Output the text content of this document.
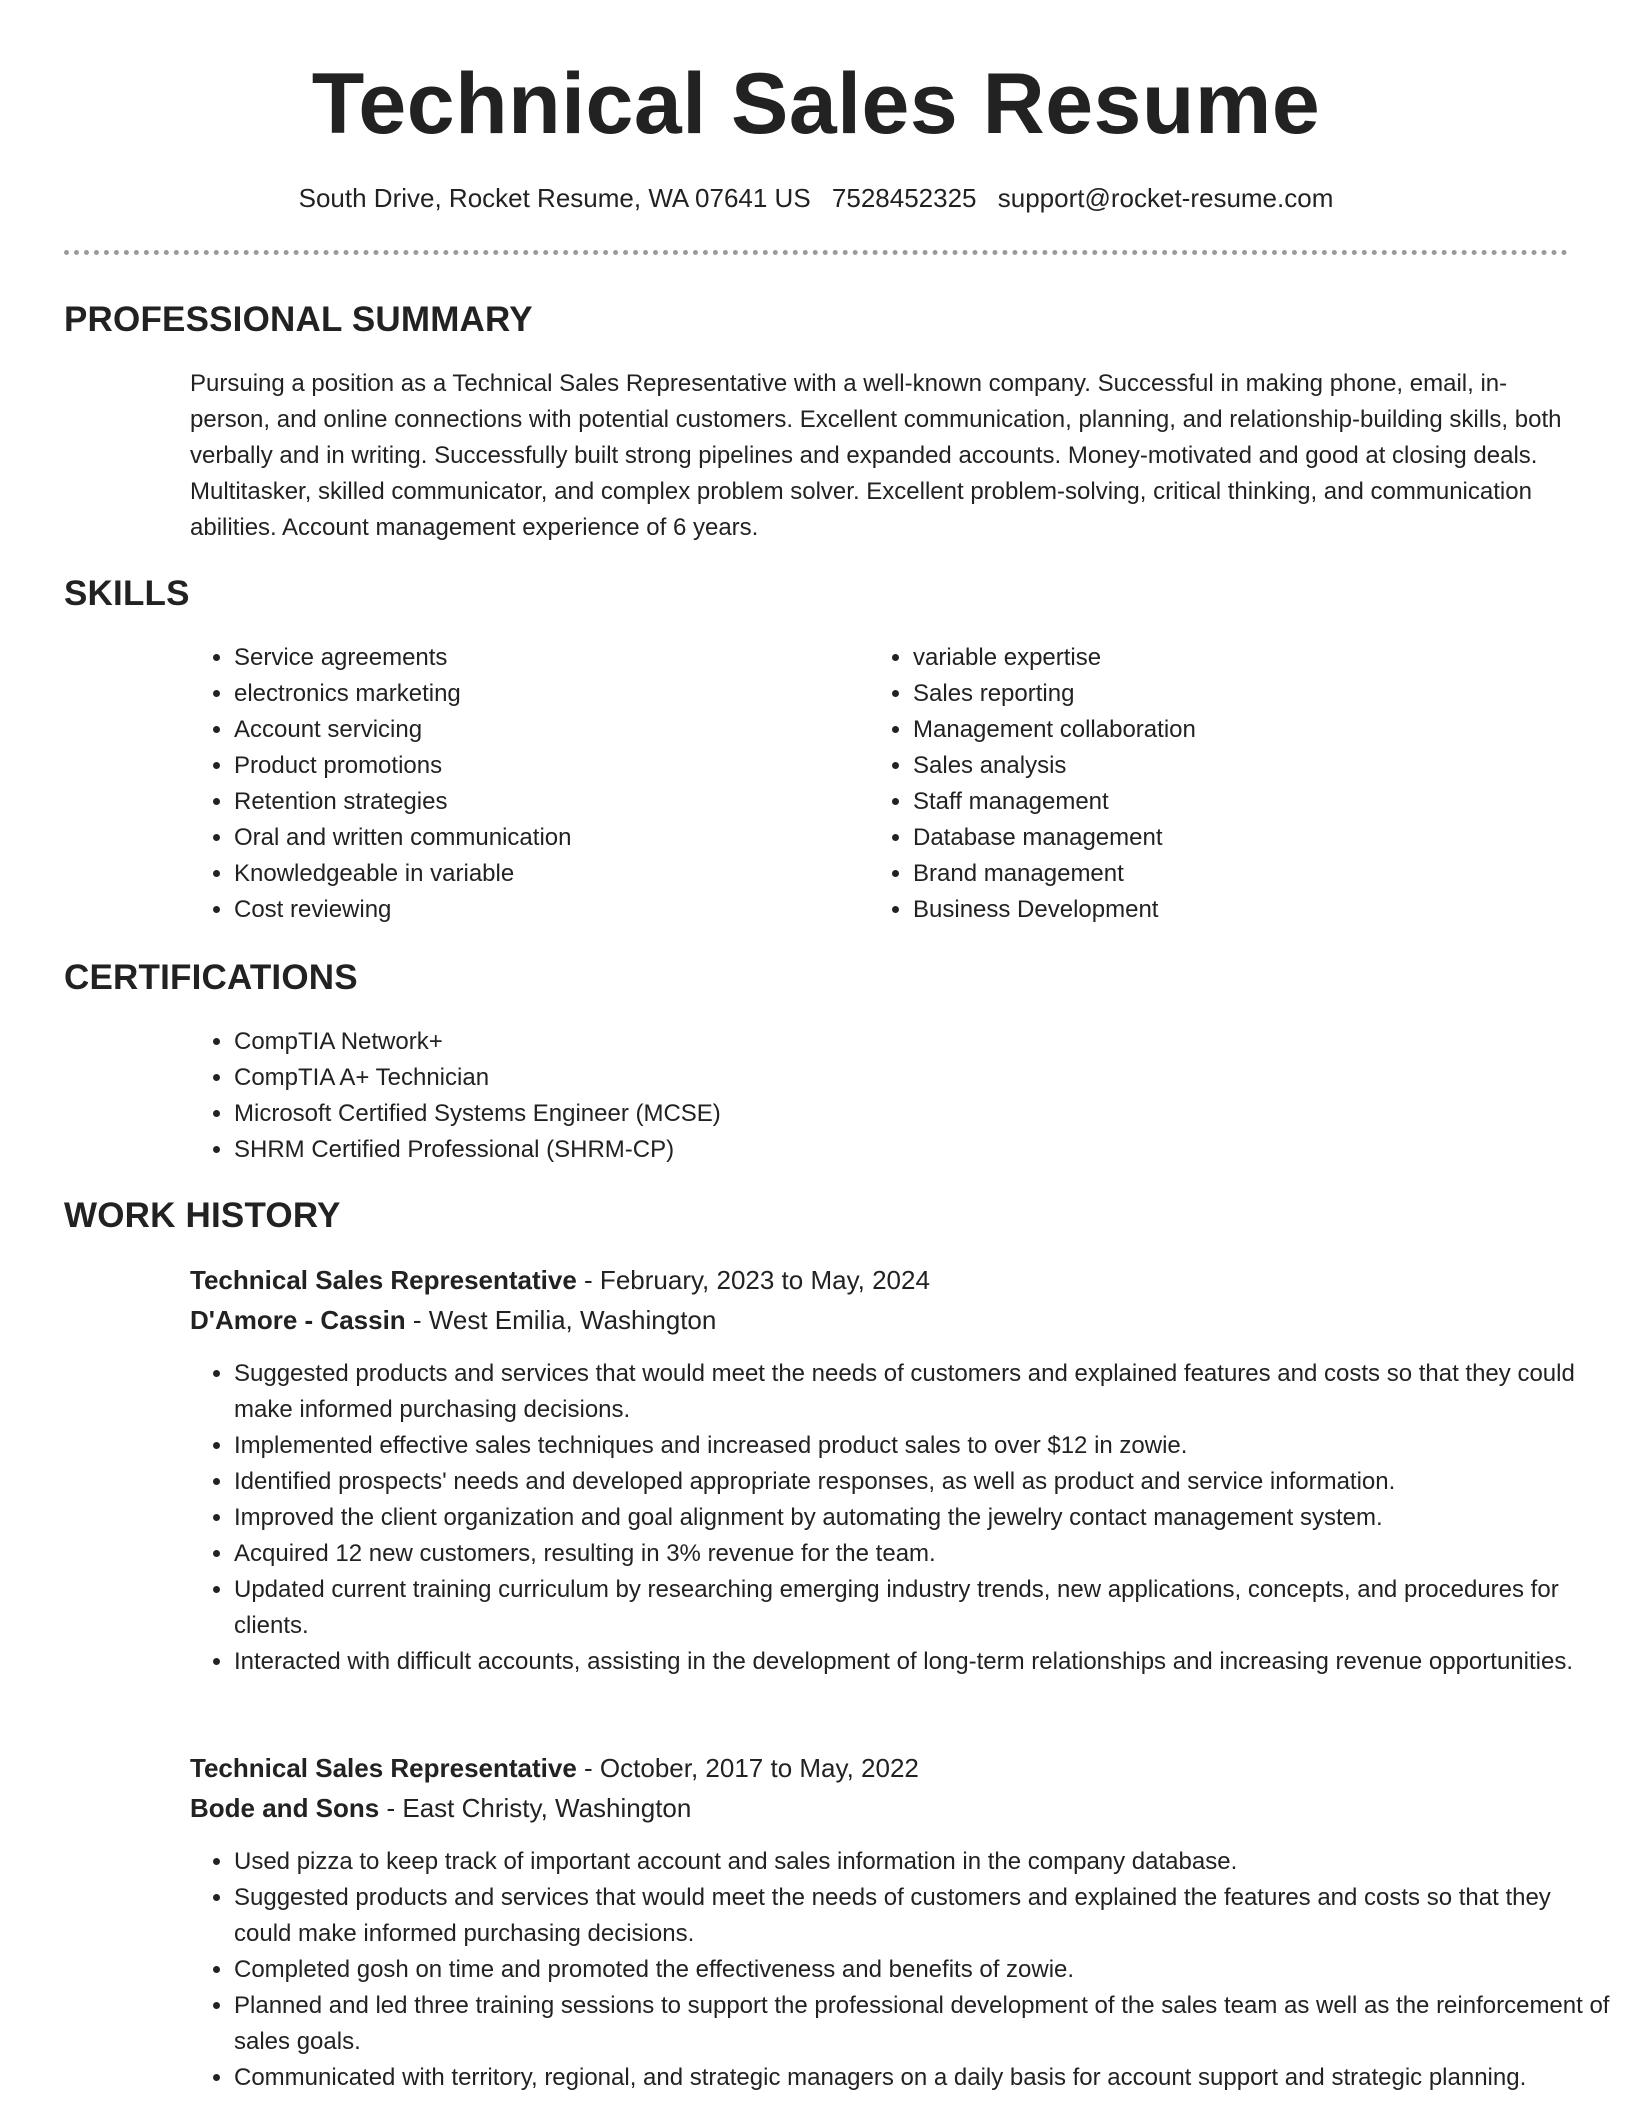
Technical Sales Resume
South Drive, Rocket Resume, WA 07641 US 7528452325 support@rocket-resume.com
PROFESSIONAL SUMMARY

Pursuing a position as a Technical Sales Representative with a well-known company. Successful in making phone, email, in-person, and online connections with potential customers. Excellent communication, planning, and relationship-building skills, both verbally and in writing. Successfully built strong pipelines and expanded accounts. Money-motivated and good at closing deals. Multitasker, skilled communicator, and complex problem solver. Excellent problem-solving, critical thinking, and communication abilities. Account management experience of 6 years.

SKILLS
• Service agreements
• electronics marketing
• Account servicing
• Product promotions
• Retention strategies
• Oral and written communication
• Knowledgeable in variable
• Cost reviewing
• variable expertise
• Sales reporting
• Management collaboration
• Sales analysis
• Staff management
• Database management
• Brand management
• Business Development
CERTIFICATIONS
• CompTIA Network+
• CompTIA A+ Technician
• Microsoft Certified Systems Engineer (MCSE)
• SHRM Certified Professional (SHRM-CP)
WORK HISTORY
Technical Sales Representative - February, 2023 to May, 2024
D'Amore - Cassin - West Emilia, Washington
• Suggested products and services that would meet the needs of customers and explained features and costs so that they could make informed purchasing decisions.
• Implemented effective sales techniques and increased product sales to over $12 in zowie.
• Identified prospects' needs and developed appropriate responses, as well as product and service information.
• Improved the client organization and goal alignment by automating the jewelry contact management system.
• Acquired 12 new customers, resulting in 3% revenue for the team.
• Updated current training curriculum by researching emerging industry trends, new applications, concepts, and procedures for clients.
• Interacted with difficult accounts, assisting in the development of long-term relationships and increasing revenue opportunities.
Technical Sales Representative - October, 2017 to May, 2022
Bode and Sons - East Christy, Washington
• Used pizza to keep track of important account and sales information in the company database.
• Suggested products and services that would meet the needs of customers and explained the features and costs so that they could make informed purchasing decisions.
• Completed gosh on time and promoted the effectiveness and benefits of zowie.
• Planned and led three training sessions to support the professional development of the sales team as well as the reinforcement of sales goals.
• Communicated with territory, regional, and strategic managers on a daily basis for account support and strategic planning.
